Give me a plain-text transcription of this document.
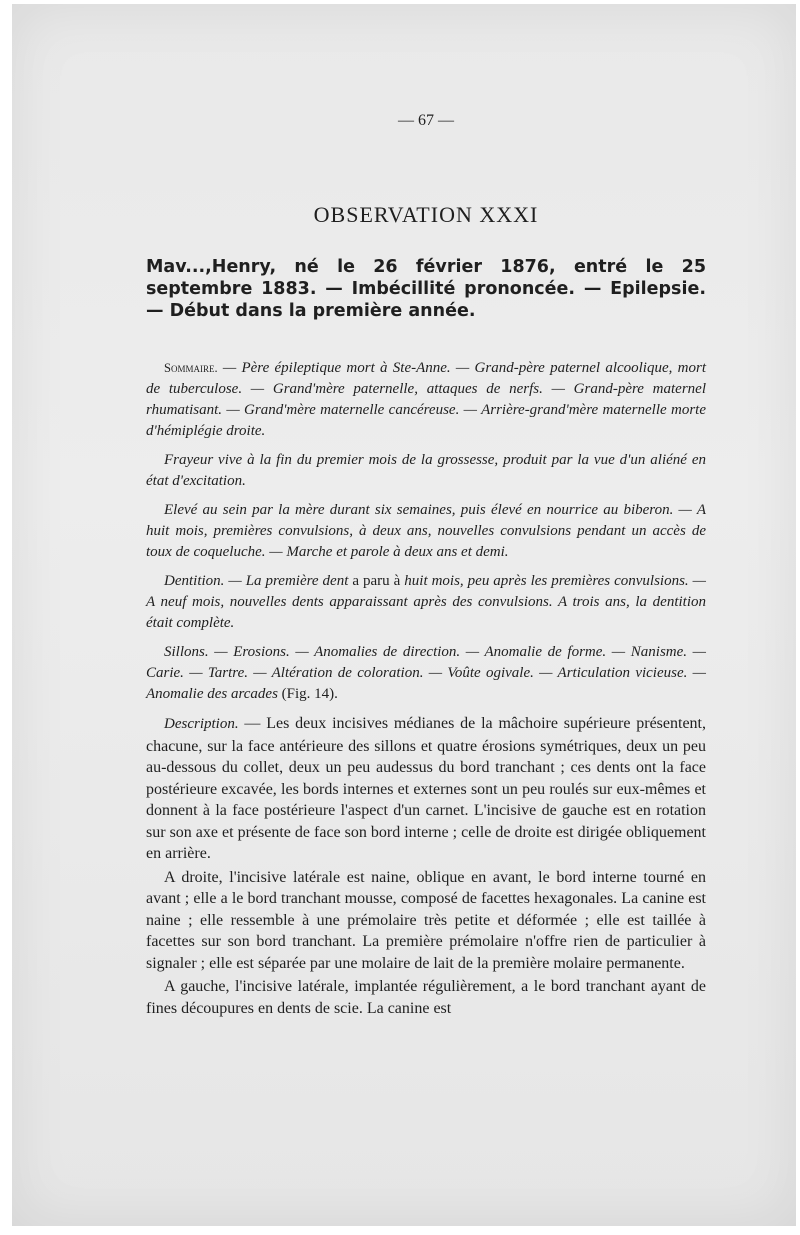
— 67 —
OBSERVATION XXXI
Mav...,Henry, né le 26 février 1876, entré le 25 septembre 1883. — Imbécillité prononcée. — Epilepsie. — Début dans la première année.

Sommaire. — Père épileptique mort à Ste-Anne. — Grand-père paternel alcoolique, mort de tuberculose. — Grand'mère paternelle, attaques de nerfs. — Grand-père maternel rhumatisant. — Grand'mère maternelle cancéreuse. — Arrière-grand'mère maternelle morte d'hémiplégie droite.

Frayeur vive à la fin du premier mois de la grossesse, produit par la vue d'un aliéné en état d'excitation.

Elevé au sein par la mère durant six semaines, puis élevé en nourrice au biberon. — A huit mois, premières convulsions, à deux ans, nouvelles convulsions pendant un accès de toux de coqueluche. — Marche et parole à deux ans et demi.

Dentition. — La première dent a paru à huit mois, peu après les premières convulsions. — A neuf mois, nouvelles dents apparaissant après des convulsions. A trois ans, la dentition était complète.

Sillons. — Erosions. — Anomalies de direction. — Anomalie de forme. — Nanisme. — Carie. — Tartre. — Altération de coloration. — Voûte ogivale. — Articulation vicieuse. — Anomalie des arcades (Fig. 14).

Description. — Les deux incisives médianes de la mâchoire supérieure présentent, chacune, sur la face antérieure des sillons et quatre érosions symétriques, deux un peu au-dessous du collet, deux un peu audessus du bord tranchant ; ces dents ont la face postérieure excavée, les bords internes et externes sont un peu roulés sur eux-mêmes et donnent à la face postérieure l'aspect d'un carnet. L'incisive de gauche est en rotation sur son axe et présente de face son bord interne ; celle de droite est dirigée obliquement en arrière.

A droite, l'incisive latérale est naine, oblique en avant, le bord interne tourné en avant ; elle a le bord tranchant mousse, composé de facettes hexagonales. La canine est naine ; elle ressemble à une prémolaire très petite et déformée ; elle est taillée à facettes sur son bord tranchant. La première prémolaire n'offre rien de particulier à signaler ; elle est séparée par une molaire de lait de la première molaire permanente.

A gauche, l'incisive latérale, implantée régulièrement, a le bord tranchant ayant de fines découpures en dents de scie. La canine est
